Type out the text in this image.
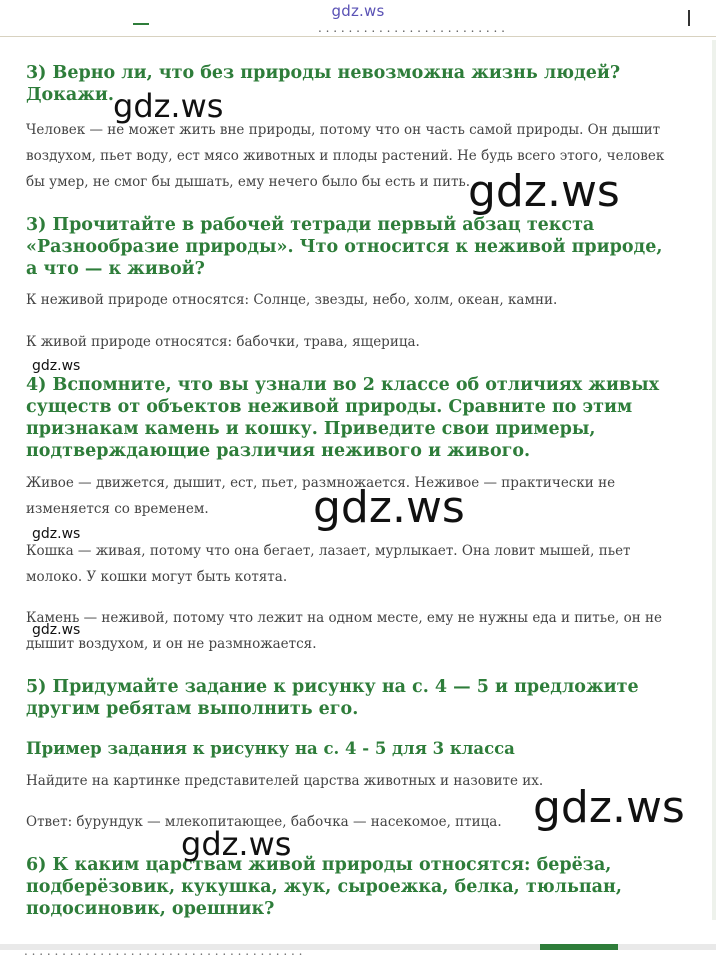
gdz.ws
. . . . . . . . . . . . . . . . . . . . . . . . .
3) Верно ли, что без природы невозможна жизнь людей? Докажи.

Человек — не может жить вне природы, потому что он часть самой природы. Он дышит воздухом, пьет воду, ест мясо животных и плоды растений. Не будь всего этого, человек бы умер, не смог бы дышать, ему нечего было бы есть и пить.

3) Прочитайте в рабочей тетради первый абзац текста «Разнообразие природы». Что относится к неживой природе, а что — к живой?

К неживой природе относятся: Солнце, звезды, небо, холм, океан, камни.

К живой природе относятся: бабочки, трава, ящерица.

4) Вспомните, что вы узнали во 2 классе об отличиях живых существ от объектов неживой природы. Сравните по этим признакам камень и кошку. Приведите свои примеры, подтверждающие различия неживого и живого.

Живое — движется, дышит, ест, пьет, размножается. Неживое — практически не изменяется со временем.

Кошка — живая, потому что она бегает, лазает, мурлыкает. Она ловит мышей, пьет молоко. У кошки могут быть котята.

Камень — неживой, потому что лежит на одном месте, ему не нужны еда и питье, он не дышит воздухом, и он не размножается.

5) Придумайте задание к рисунку на с. 4 — 5 и предложите другим ребятам выполнить его.
Пример задания к рисунку на с. 4 - 5 для 3 класса

Найдите на картинке представителей царства животных и назовите их.

Ответ: бурундук — млекопитающее, бабочка — насекомое, птица.

6) К каким царствам живой природы относятся: берёза, подберёзовик, кукушка, жук, сыроежка, белка, тюльпан, подосиновик, орешник?
gdz.ws
gdz.ws
gdz.ws
gdz.ws
gdz.ws
gdz.ws
gdz.ws
gdz.ws
. . . . . . . . . . . . . . . . . . . . . . . . . . . . . . . . . . . . .
